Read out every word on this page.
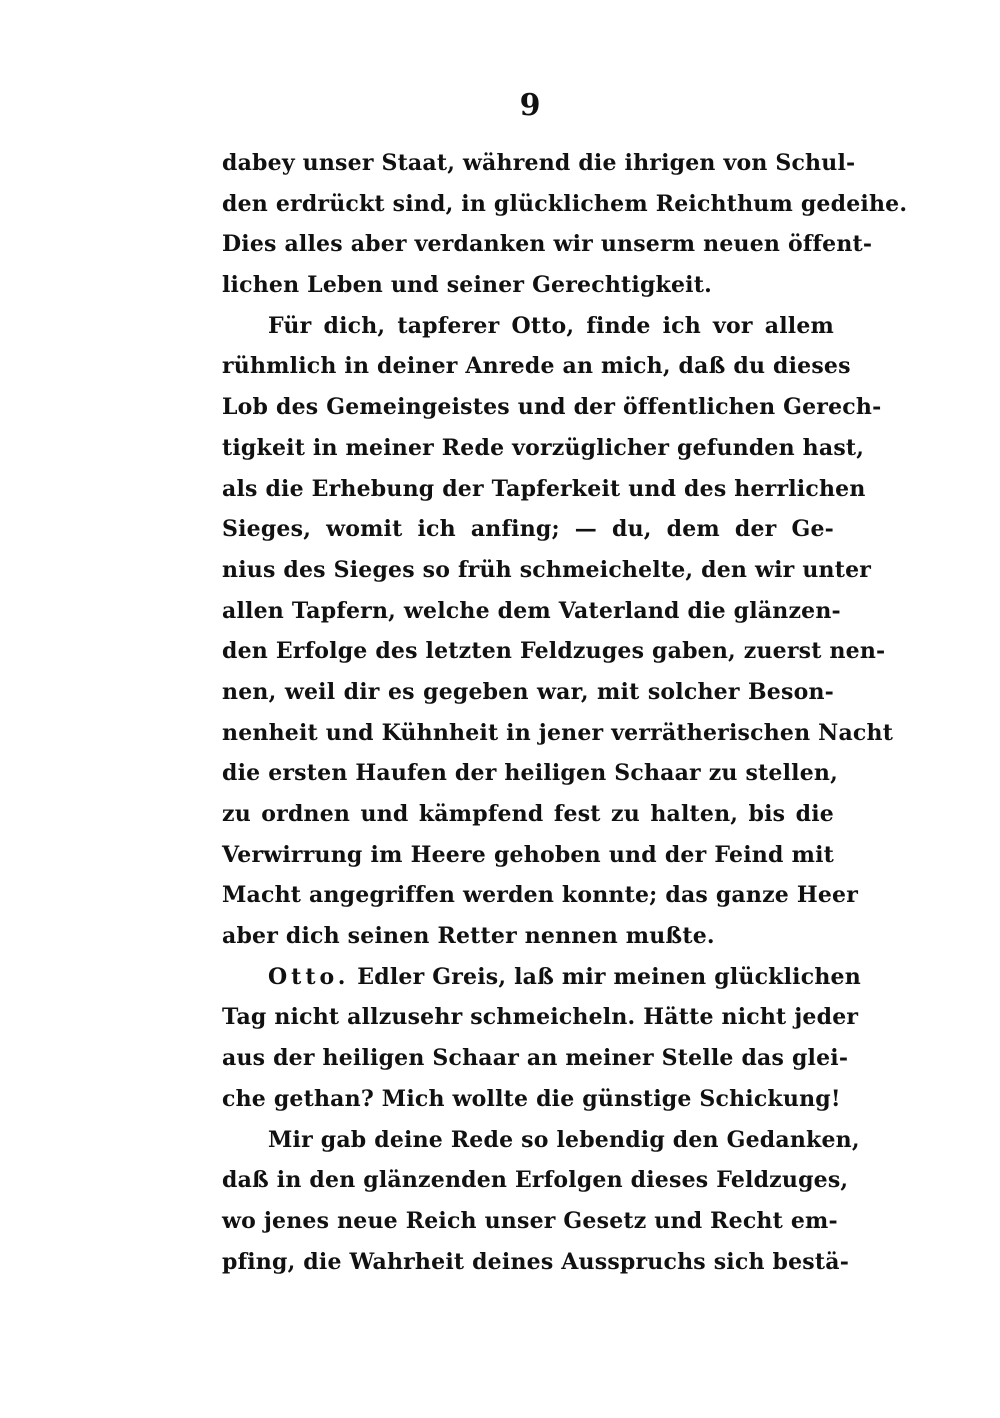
9
dabey unser Staat, während die ihrigen von Schul-
den erdrückt sind, in glücklichem Reichthum gedeihe.
Dies alles aber verdanken wir unserm neuen öffent-
lichen Leben und seiner Gerechtigkeit.
Für dich, tapferer Otto, finde ich vor allem
rühmlich in deiner Anrede an mich, daß du dieses
Lob des Gemeingeistes und der öffentlichen Gerech-
tigkeit in meiner Rede vorzüglicher gefunden hast,
als die Erhebung der Tapferkeit und des herrlichen
Sieges, womit ich anfing; — du, dem der Ge-
nius des Sieges so früh schmeichelte, den wir unter
allen Tapfern, welche dem Vaterland die glänzen-
den Erfolge des letzten Feldzuges gaben, zuerst nen-
nen, weil dir es gegeben war, mit solcher Beson-
nenheit und Kühnheit in jener verrätherischen Nacht
die ersten Haufen der heiligen Schaar zu stellen,
zu ordnen und kämpfend fest zu halten, bis die
Verwirrung im Heere gehoben und der Feind mit
Macht angegriffen werden konnte; das ganze Heer
aber dich seinen Retter nennen mußte.
Otto. Edler Greis, laß mir meinen glücklichen
Tag nicht allzusehr schmeicheln. Hätte nicht jeder
aus der heiligen Schaar an meiner Stelle das glei-
che gethan? Mich wollte die günstige Schickung!
Mir gab deine Rede so lebendig den Gedanken,
daß in den glänzenden Erfolgen dieses Feldzuges,
wo jenes neue Reich unser Gesetz und Recht em-
pfing, die Wahrheit deines Ausspruchs sich bestä-
